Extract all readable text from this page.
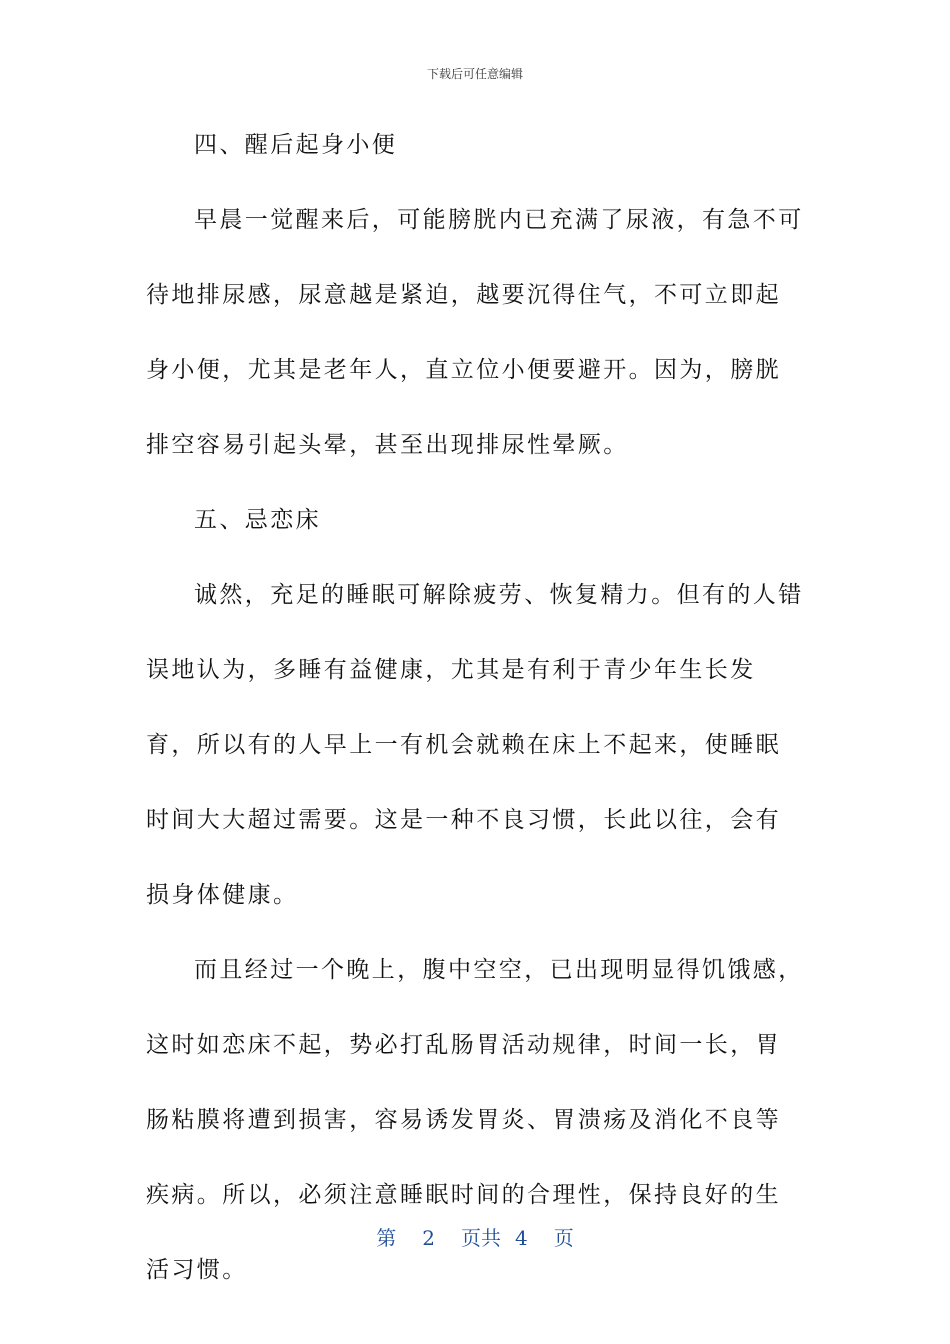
下载后可任意编辑

四、醒后起身小便

早晨一觉醒来后，可能膀胱内已充满了尿液，有急不可待地排尿感，尿意越是紧迫，越要沉得住气，不可立即起身小便，尤其是老年人，直立位小便要避开。因为，膀胱排空容易引起头晕，甚至出现排尿性晕厥。

五、忌恋床

诚然，充足的睡眠可解除疲劳、恢复精力。但有的人错误地认为，多睡有益健康，尤其是有利于青少年生长发育，所以有的人早上一有机会就赖在床上不起来，使睡眠时间大大超过需要。这是一种不良习惯，长此以往，会有损身体健康。

而且经过一个晚上，腹中空空，已出现明显得饥饿感，这时如恋床不起，势必打乱肠胃活动规律，时间一长，胃肠粘膜将遭到损害，容易诱发胃炎、胃溃疡及消化不良等疾病。所以，必须注意睡眠时间的合理性，保持良好的生活习惯。

第 2 页共 4 页
